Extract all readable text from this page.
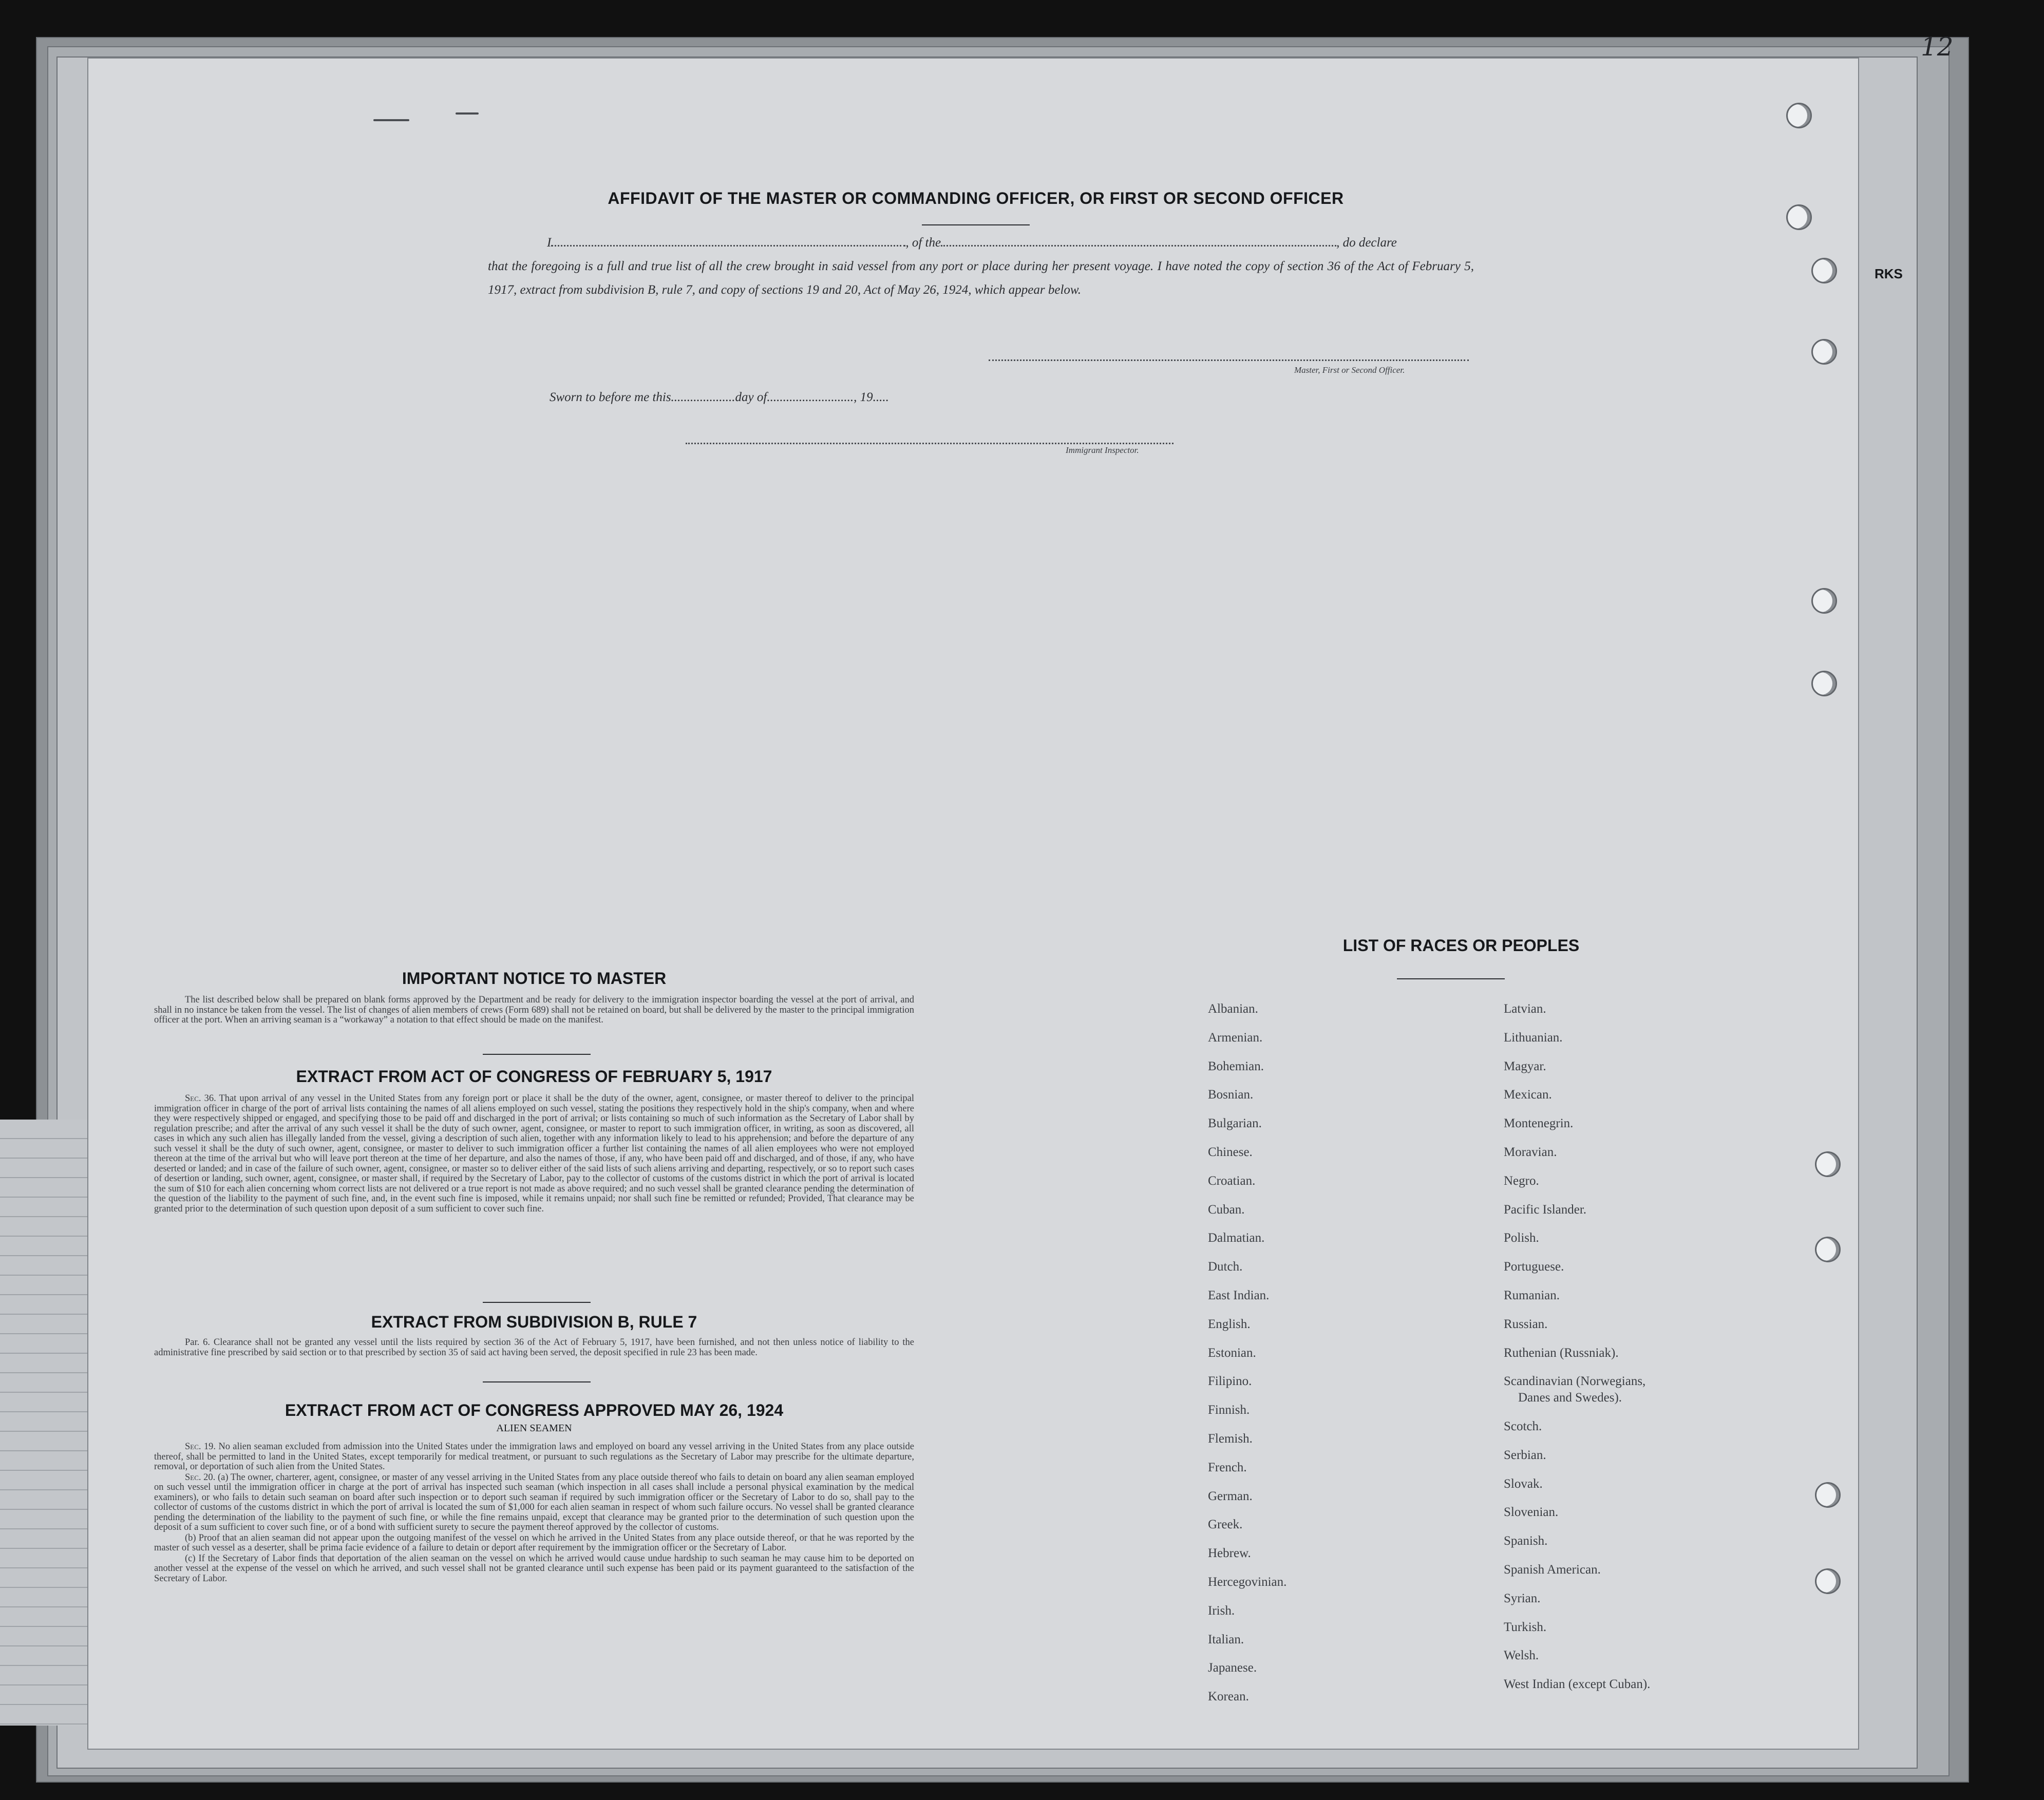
RKS
12
AFFIDAVIT OF THE MASTER OR COMMANDING OFFICER, OR FIRST OR SECOND OFFICER
I	, of the	, do declare
that the foregoing is a full and true list of all the crew brought in said vessel from any port or place during her present voyage. I have noted the copy of section 36 of the Act of February 5, 1917, extract from subdivision B, rule 7, and copy of sections 19 and 20, Act of May 26, 1924, which appear below.
Master, First or Second Officer.
Sworn to before me this....................day of..........................., 19.....
Immigrant Inspector.
IMPORTANT NOTICE TO MASTER

The list described below shall be prepared on blank forms approved by the Department and be ready for delivery to the immigration inspector boarding the vessel at the port of arrival, and shall in no instance be taken from the vessel. The list of changes of alien members of crews (Form 689) shall not be retained on board, but shall be delivered by the master to the principal immigration officer at the port. When an arriving seaman is a “workaway” a notation to that effect should be made on the manifest.

EXTRACT FROM ACT OF CONGRESS OF FEBRUARY 5, 1917

Sec. 36. That upon arrival of any vessel in the United States from any foreign port or place it shall be the duty of the owner, agent, consignee, or master thereof to deliver to the principal immigration officer in charge of the port of arrival lists containing the names of all aliens employed on such vessel, stating the positions they respectively hold in the ship's company, when and where they were respectively shipped or engaged, and specifying those to be paid off and discharged in the port of arrival; or lists containing so much of such information as the Secretary of Labor shall by regulation prescribe; and after the arrival of any such vessel it shall be the duty of such owner, agent, consignee, or master to report to such immigration officer, in writing, as soon as discovered, all cases in which any such alien has illegally landed from the vessel, giving a description of such alien, together with any information likely to lead to his apprehension; and before the departure of any such vessel it shall be the duty of such owner, agent, consignee, or master to deliver to such immigration officer a further list containing the names of all alien employees who were not employed thereon at the time of the arrival but who will leave port thereon at the time of her departure, and also the names of those, if any, who have been paid off and discharged, and of those, if any, who have deserted or landed; and in case of the failure of such owner, agent, consignee, or master so to deliver either of the said lists of such aliens arriving and departing, respectively, or so to report such cases of desertion or landing, such owner, agent, consignee, or master shall, if required by the Secretary of Labor, pay to the collector of customs of the customs district in which the port of arrival is located the sum of $10 for each alien concerning whom correct lists are not delivered or a true report is not made as above required; and no such vessel shall be granted clearance pending the determination of the question of the liability to the payment of such fine, and, in the event such fine is imposed, while it remains unpaid; nor shall such fine be remitted or refunded; Provided, That clearance may be granted prior to the determination of such question upon deposit of a sum sufficient to cover such fine.

EXTRACT FROM SUBDIVISION B, RULE 7

Par. 6. Clearance shall not be granted any vessel until the lists required by section 36 of the Act of February 5, 1917, have been furnished, and not then unless notice of liability to the administrative fine prescribed by said section or to that prescribed by section 35 of said act having been served, the deposit specified in rule 23 has been made.

EXTRACT FROM ACT OF CONGRESS APPROVED MAY 26, 1924
ALIEN SEAMEN

Sec. 19. No alien seaman excluded from admission into the United States under the immigration laws and employed on board any vessel arriving in the United States from any place outside thereof, shall be permitted to land in the United States, except temporarily for medical treatment, or pursuant to such regulations as the Secretary of Labor may prescribe for the ultimate departure, removal, or deportation of such alien from the United States.

Sec. 20. (a) The owner, charterer, agent, consignee, or master of any vessel arriving in the United States from any place outside thereof who fails to detain on board any alien seaman employed on such vessel until the immigration officer in charge at the port of arrival has inspected such seaman (which inspection in all cases shall include a personal physical examination by the medical examiners), or who fails to detain such seaman on board after such inspection or to deport such seaman if required by such immigration officer or the Secretary of Labor to do so, shall pay to the collector of customs of the customs district in which the port of arrival is located the sum of $1,000 for each alien seaman in respect of whom such failure occurs. No vessel shall be granted clearance pending the determination of the liability to the payment of such fine, or while the fine remains unpaid, except that clearance may be granted prior to the determination of such question upon the deposit of a sum sufficient to cover such fine, or of a bond with sufficient surety to secure the payment thereof approved by the collector of customs.

(b) Proof that an alien seaman did not appear upon the outgoing manifest of the vessel on which he arrived in the United States from any place outside thereof, or that he was reported by the master of such vessel as a deserter, shall be prima facie evidence of a failure to detain or deport after requirement by the immigration officer or the Secretary of Labor.

(c) If the Secretary of Labor finds that deportation of the alien seaman on the vessel on which he arrived would cause undue hardship to such seaman he may cause him to be deported on another vessel at the expense of the vessel on which he arrived, and such vessel shall not be granted clearance until such expense has been paid or its payment guaranteed to the satisfaction of the Secretary of Labor.

LIST OF RACES OR PEOPLES
Albanian.
Armenian.
Bohemian.
Bosnian.
Bulgarian.
Chinese.
Croatian.
Cuban.
Dalmatian.
Dutch.
East Indian.
English.
Estonian.
Filipino.
Finnish.
Flemish.
French.
German.
Greek.
Hebrew.
Hercegovinian.
Irish.
Italian.
Japanese.
Korean.
Latvian.
Lithuanian.
Magyar.
Mexican.
Montenegrin.
Moravian.
Negro.
Pacific Islander.
Polish.
Portuguese.
Rumanian.
Russian.
Ruthenian (Russniak).
Scandinavian (Norwegians,
Danes and Swedes).
Scotch.
Serbian.
Slovak.
Slovenian.
Spanish.
Spanish American.
Syrian.
Turkish.
Welsh.
West Indian (except Cuban).
